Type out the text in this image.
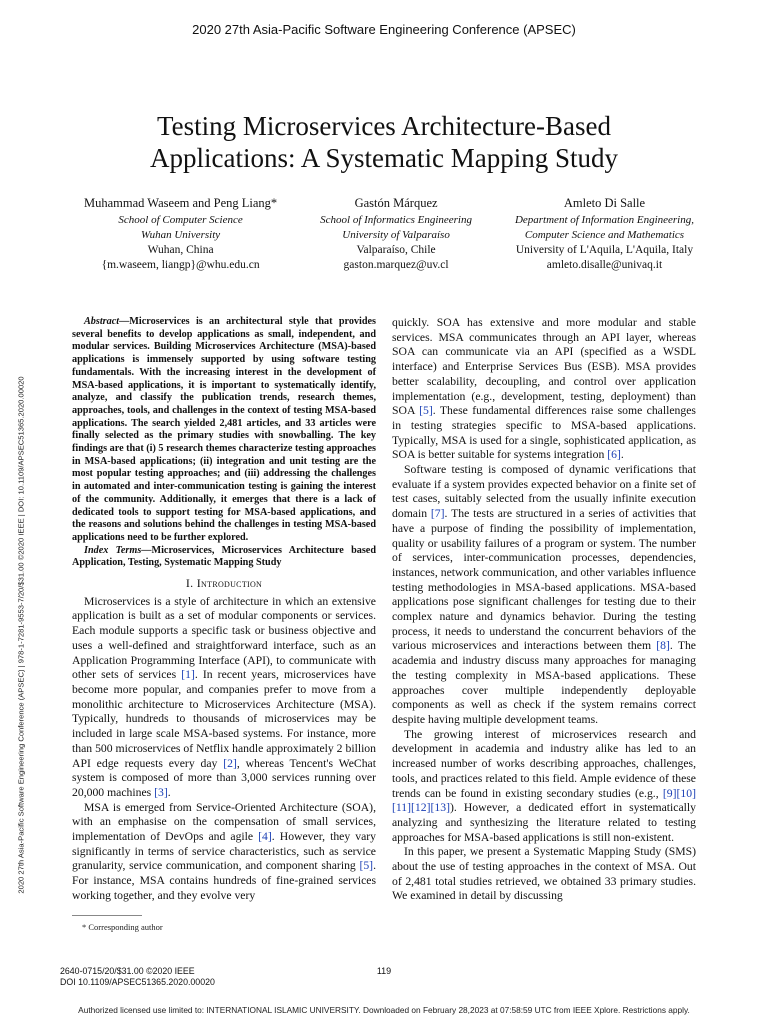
2020 27th Asia-Pacific Software Engineering Conference (APSEC)
Testing Microservices Architecture-Based
Applications: A Systematic Mapping Study
Muhammad Waseem and Peng Liang*
School of Computer Science
Wuhan University
Wuhan, China
{m.waseem, liangp}@whu.edu.cn
Gastón Márquez
School of Informatics Engineering
University of Valparaíso
Valparaíso, Chile
gaston.marquez@uv.cl
Amleto Di Salle
Department of Information Engineering,
Computer Science and Mathematics
University of L'Aquila, L'Aquila, Italy
amleto.disalle@univaq.it
2020 27th Asia-Pacific Software Engineering Conference (APSEC) | 978-1-7281-9553-7/20/$31.00 ©2020 IEEE | DOI: 10.1109/APSEC51365.2020.00020

Abstract—Microservices is an architectural style that provides several benefits to develop applications as small, independent, and modular services. Building Microservices Architecture (MSA)-based applications is immensely supported by using software testing fundamentals. With the increasing interest in the development of MSA-based applications, it is important to systematically identify, analyze, and classify the publication trends, research themes, approaches, tools, and challenges in the context of testing MSA-based applications. The search yielded 2,481 articles, and 33 articles were finally selected as the primary studies with snowballing. The key findings are that (i) 5 research themes characterize testing approaches in MSA-based applications; (ii) integration and unit testing are the most popular testing approaches; and (iii) addressing the challenges in automated and inter-communication testing is gaining the interest of the community. Additionally, it emerges that there is a lack of dedicated tools to support testing for MSA-based applications, and the reasons and solutions behind the challenges in testing MSA-based applications need to be further explored.

Index Terms—Microservices, Microservices Architecture based Application, Testing, Systematic Mapping Study

I. Introduction

Microservices is a style of architecture in which an extensive application is built as a set of modular components or services. Each module supports a specific task or business objective and uses a well-defined and straightforward interface, such as an Application Programming Interface (API), to communicate with other sets of services [1]. In recent years, microservices have become more popular, and companies prefer to move from a monolithic architecture to Microservices Architecture (MSA). Typically, hundreds to thousands of microservices may be included in large scale MSA-based systems. For instance, more than 500 microservices of Netflix handle approximately 2 billion API edge requests every day [2], whereas Tencent's WeChat system is composed of more than 3,000 services running over 20,000 machines [3].

MSA is emerged from Service-Oriented Architecture (SOA), with an emphasise on the compensation of small services, implementation of DevOps and agile [4]. However, they vary significantly in terms of service characteristics, such as service granularity, service communication, and component sharing [5]. For instance, MSA contains hundreds of fine-grained services working together, and they evolve very

quickly. SOA has extensive and more modular and stable services. MSA communicates through an API layer, whereas SOA can communicate via an API (specified as a WSDL interface) and Enterprise Services Bus (ESB). MSA provides better scalability, decoupling, and control over application implementation (e.g., development, testing, deployment) than SOA [5]. These fundamental differences raise some challenges in testing strategies specific to MSA-based applications. Typically, MSA is used for a single, sophisticated application, as SOA is better suitable for systems integration [6].

Software testing is composed of dynamic verifications that evaluate if a system provides expected behavior on a finite set of test cases, suitably selected from the usually infinite execution domain [7]. The tests are structured in a series of activities that have a purpose of finding the possibility of implementation, quality or usability failures of a program or system. The number of services, inter-communication processes, dependencies, instances, network communication, and other variables influence testing methodologies in MSA-based applications. MSA-based applications pose significant challenges for testing due to their complex nature and dynamics behavior. During the testing process, it needs to understand the concurrent behaviors of the various microservices and interactions between them [8]. The academia and industry discuss many approaches for managing the testing complexity in MSA-based applications. These approaches cover multiple independently deployable components as well as check if the system remains correct despite having multiple development teams.

The growing interest of microservices research and development in academia and industry alike has led to an increased number of works describing approaches, challenges, tools, and practices related to this field. Ample evidence of these trends can be found in existing secondary studies (e.g., [9][10][11][12][13]). However, a dedicated effort in systematically analyzing and synthesizing the literature related to testing approaches for MSA-based applications is still non-existent.

In this paper, we present a Systematic Mapping Study (SMS) about the use of testing approaches in the context of MSA. Out of 2,481 total studies retrieved, we obtained 33 primary studies. We examined in detail by discussing

* Corresponding author
2640-0715/20/$31.00 ©2020 IEEE
DOI 10.1109/APSEC51365.2020.00020
119
Authorized licensed use limited to: INTERNATIONAL ISLAMIC UNIVERSITY. Downloaded on February 28,2023 at 07:58:59 UTC from IEEE Xplore. Restrictions apply.
